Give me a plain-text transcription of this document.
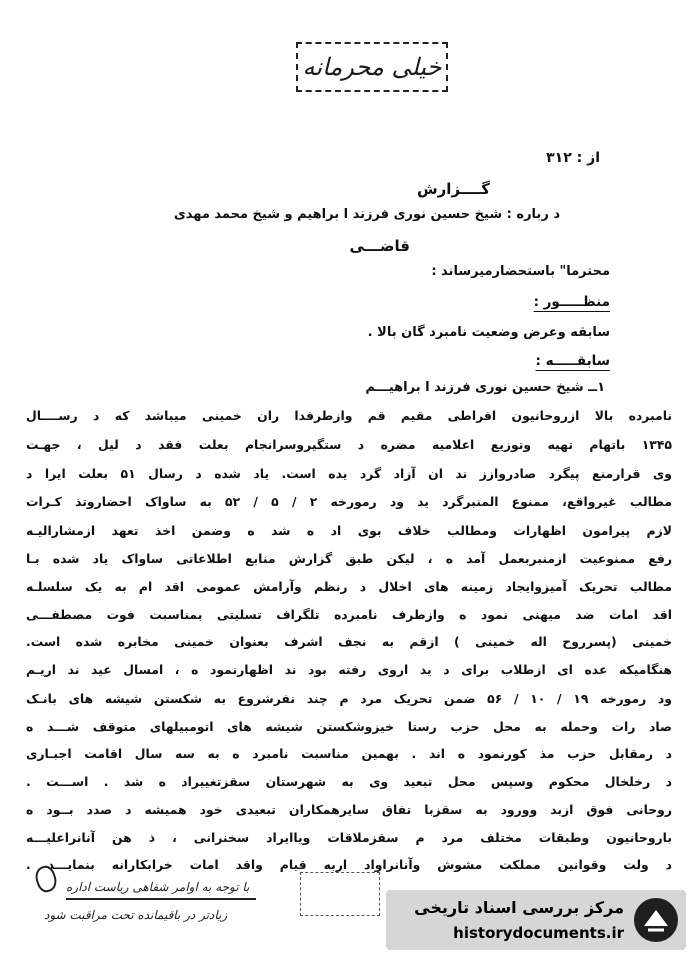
خیلی محرمانه
از : ۳۱۲
گــــزارش
د رباره : شیخ حسین نوری فرزند ا براهیم و شیخ محمد مهدی
قاضـــی
محترما" باستحضارمیرساند :
منظـــــور :
سابقه وعرض وضعیت نامبرد گان بالا .
سابقـــــه :
۱ــ شیخ حسین نوری فرزند ا براهیـــم
نامبرده بالا ازروحانیون افراطی مقیم قم وازطرفدا ران خمینی میباشد که د رســــال
۱۳۴۵ باتهام تهیه وتوزیع اعلامیه مضره د ستگیروسرانجام بعلت فقد د لیل ، جهـت
وی قرارمنع پیگرد صادروازز ند ان آزاد گرد یده است. یاد شده د رسال ۵۱ بعلت ایرا د
مطالب غیرواقع، ممنوع المنبرگرد ید ود رمورخه ۲ / ۵ / ۵۲ به ساواک احضاروتذ کـرات
لازم پیرامون اظهارات ومطالب خلاف بوی اد ه شد ه وضمن اخذ تعهد ازمشارالیـه
رفع ممنوعیت ازمنبربعمل آمد ه ، لیکن طبق گزارش منابع اطلاعاتی ساواک یاد شده بـا
مطالب تحریک آمیزوایجاد زمینه های اخلال د رنظم وآرامش عمومی اقد ام به یک سلسلـه
اقد امات ضد میهنی نمود ه وازطرف نامبرده تلگراف تسلیتی بمناسبت فوت مصطفـــی
خمینی (پسرروح اله خمینی ) ازقم به نجف اشرف بعنوان خمینی مخابره شده است.
هنگامیکه عده ای ازطلاب برای د ید اروی رفته بود ند اظهارنمود ه ، امسال عید ند اریـم
ود رمورخه ۱۹ / ۱۰ / ۵۶ ضمن تحریک مرد م چند نفرشروع به شکستن شیشه های بانـک
صاد رات وحمله به محل حزب رستا خیزوشکستن شیشه های اتومبیلهای متوقف شـــد ه
د رمقابل حزب مذ کورنمود ه اند . بهمین مناسبت نامبرد ه به سه سال اقامت اجبـاری
د رخلخال محکوم وسپس محل تبعید وی به شهرستان سقزتغییراد ه شد . اســـت .
روحانی فوق ازبد وورود به سقزبا تفاق سایرهمکاران تبعیدی خود همیشه د صدد بــود ه
باروحانیون وطبقات مختلف مرد م سقزملاقات ویاایراد سخنرانی ، ذ هن آنانراعلیـــه
د ولت وقوانین مملکت مشوش وآنانراواد اربه قیام واقد امات خرابکارانه بنمایـــد .
با توجه به اوامر شفاهی ریاست اداره
زیادتر در باقیمانده تحت مراقبت شود	مرکز بررسی اسناد تاریخی
historydocuments.ir
